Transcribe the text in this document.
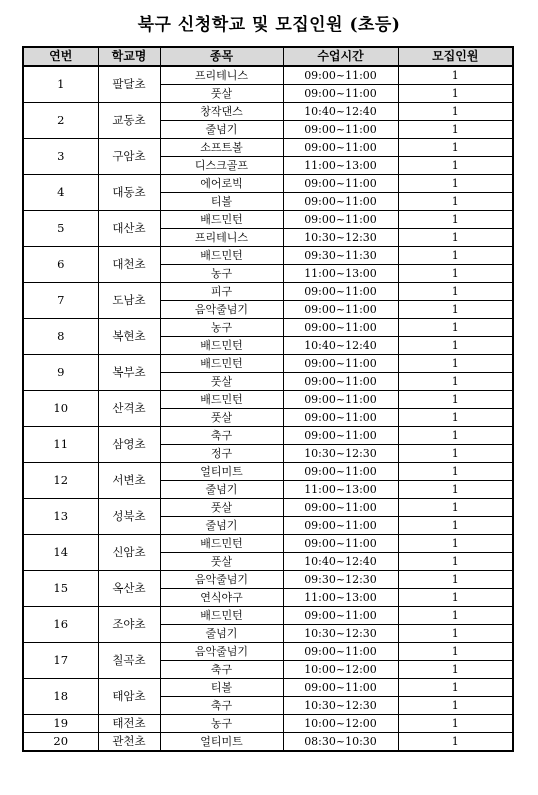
북구 신청학교 및 모집인원 (초등)
연번	학교명	종목	수업시간	모집인원
1	팔달초	프리테니스	09:00~11:00	1
		풋살	09:00~11:00	1
2	교동초	창작댄스	10:40~12:40	1
		줄넘기	09:00~11:00	1
3	구암초	소프트볼	09:00~11:00	1
		디스크골프	11:00~13:00	1
4	대동초	에어로빅	09:00~11:00	1
		티볼	09:00~11:00	1
5	대산초	배드민턴	09:00~11:00	1
		프리테니스	10:30~12:30	1
6	대천초	배드민턴	09:30~11:30	1
		농구	11:00~13:00	1
7	도남초	피구	09:00~11:00	1
		음악줄넘기	09:00~11:00	1
8	복현초	농구	09:00~11:00	1
		배드민턴	10:40~12:40	1
9	복부초	배드민턴	09:00~11:00	1
		풋살	09:00~11:00	1
10	산격초	배드민턴	09:00~11:00	1
		풋살	09:00~11:00	1
11	삼영초	축구	09:00~11:00	1
		정구	10:30~12:30	1
12	서변초	얼티미트	09:00~11:00	1
		줄넘기	11:00~13:00	1
13	성북초	풋살	09:00~11:00	1
		줄넘기	09:00~11:00	1
14	신암초	배드민턴	09:00~11:00	1
		풋살	10:40~12:40	1
15	옥산초	음악줄넘기	09:30~12:30	1
		연식야구	11:00~13:00	1
16	조야초	배드민턴	09:00~11:00	1
		줄넘기	10:30~12:30	1
17	칠곡초	음악줄넘기	09:00~11:00	1
		축구	10:00~12:00	1
18	태암초	티볼	09:00~11:00	1
		축구	10:30~12:30	1
19	태전초	농구	10:00~12:00	1
20	관천초	얼티미트	08:30~10:30	1
